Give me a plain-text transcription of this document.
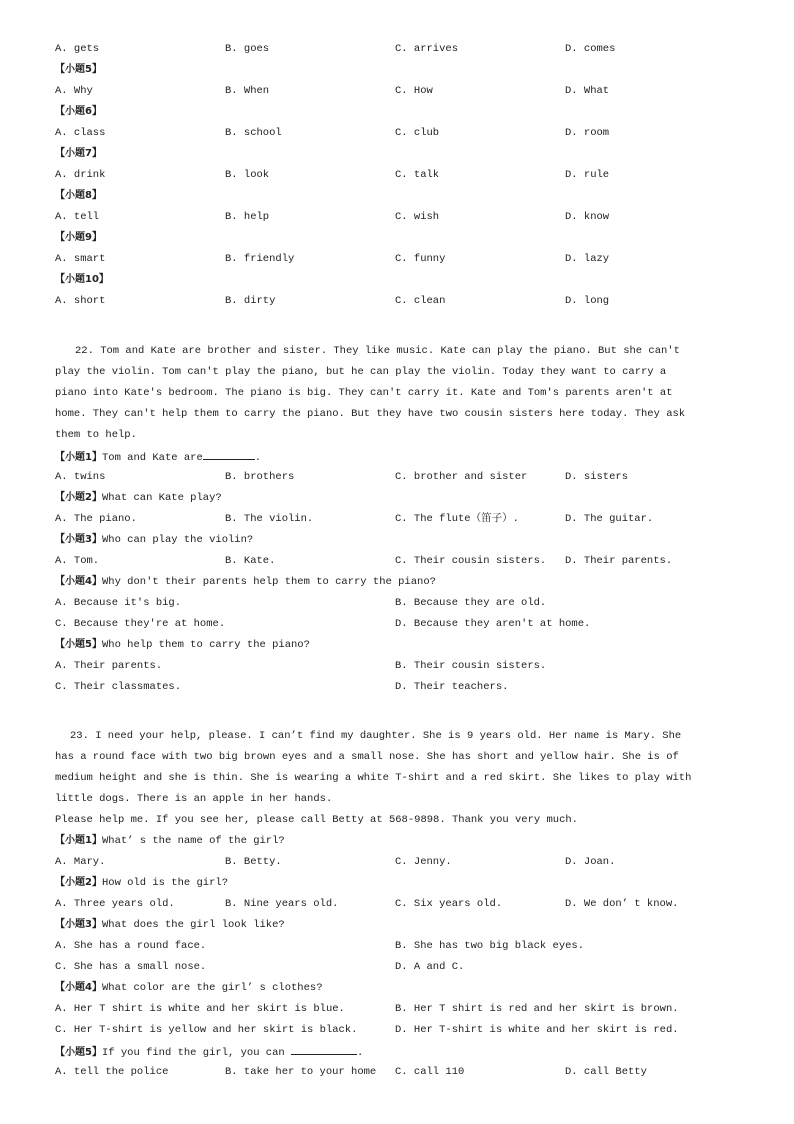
A. gets	B. goes	C. arrives	D. comes
【小题5】
A. Why	B. When	C. How	D. What
【小题6】
A. class	B. school	C. club	D. room
【小题7】
A. drink	B. look	C. talk	D. rule
【小题8】
A. tell	B. help	C. wish	D. know
【小题9】
A. smart	B. friendly	C. funny	D. lazy
【小题10】
A. short	B. dirty	C. clean	D. long
22. Tom and Kate are brother and sister. They like music. Kate can play the piano. But she can't
play the violin. Tom can't play the piano, but he can play the violin. Today they want to carry a
piano into Kate's bedroom. The piano is big. They can't carry it. Kate and Tom's parents aren't at
home. They can't help them to carry the piano. But they have two cousin sisters here today. They ask
them to help.
【小题1】Tom and Kate are	.
A. twins	B. brothers	C. brother and sister	D. sisters
【小题2】What can Kate play?
A. The piano.	B. The violin.	C. The flute（笛子）.	D. The guitar.
【小题3】Who can play the violin?
A. Tom.	B. Kate.	C. Their cousin sisters. D. Their parents.
【小题4】Why don't their parents help them to carry the piano?
A. Because it's big.	B. Because they are old.
C. Because they're at home.	D. Because they aren't at home.
【小题5】Who help them to carry the piano?
A. Their parents.	B. Their cousin sisters.
C. Their classmates.	D. Their teachers.
23. I need your help, please. I can’t find my daughter. She is 9 years old. Her name is Mary. She
has a round face with two big brown eyes and a small nose. She has short and yellow hair. She is of
medium height and she is thin. She is wearing a white T-shirt and a red skirt. She likes to play with
little dogs. There is an apple in her hands.
Please help me. If you see her, please call Betty at 568-9898. Thank you very much.
【小题1】What’ s the name of the girl?
A. Mary.	B. Betty.	C. Jenny.	D. Joan.
【小题2】How old is the girl?
A. Three years old.	B. Nine years old.	C. Six years old.	D. We don’ t know.
【小题3】What does the girl look like?
A. She has a round face.	B. She has two big black eyes.
C. She has a small nose.	D. A and C.
【小题4】What color are the girl’ s clothes?
A. Her T shirt is white and her skirt is blue.	B. Her T shirt is red and her skirt is brown.
C. Her T-shirt is yellow and her skirt is black.	D. Her T-shirt is white and her skirt is red.
【小题5】If you find the girl, you can	.
A. tell the police	B. take her to your home C. call 110	D. call Betty
